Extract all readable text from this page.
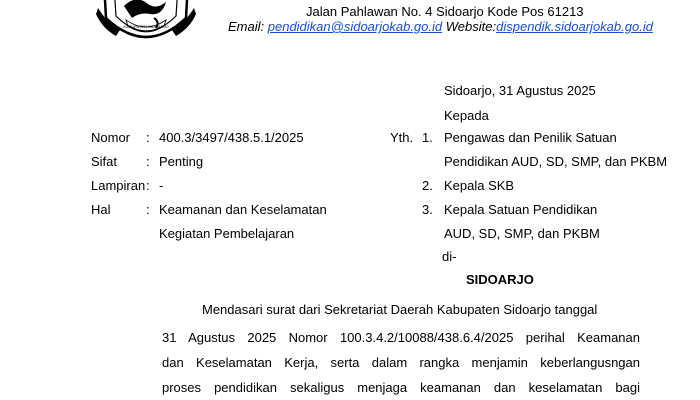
KABUPATEN SIDOARJO
Jalan Pahlawan No. 4 Sidoarjo Kode Pos 61213
Email: pendidikan@sidoarjokab.go.id Website:dispendik.sidoarjokab.go.id
Sidoarjo, 31 Agustus 2025
Kepada
Yth. 1. Pengawas dan Penilik Satuan
Pendidikan AUD, SD, SMP, dan PKBM
2. Kepala SKB
3. Kepala Satuan Pendidikan
AUD, SD, SMP, dan PKBM
di-
SIDOARJO
Nomor : 400.3/3497/438.5.1/2025
Sifat : Penting
Lampiran : -
Hal	: Keamanan dan Keselamatan
Kegiatan Pembelajaran
Mendasari surat dari Sekretariat Daerah Kabupaten Sidoarjo tanggal
31 Agustus 2025 Nomor 100.3.4.2/10088/438.6.4/2025 perihal Keamanan
dan Keselamatan Kerja, serta dalam rangka menjamin keberlangusngan
proses pendidikan sekaligus menjaga keamanan dan keselamatan bagi
